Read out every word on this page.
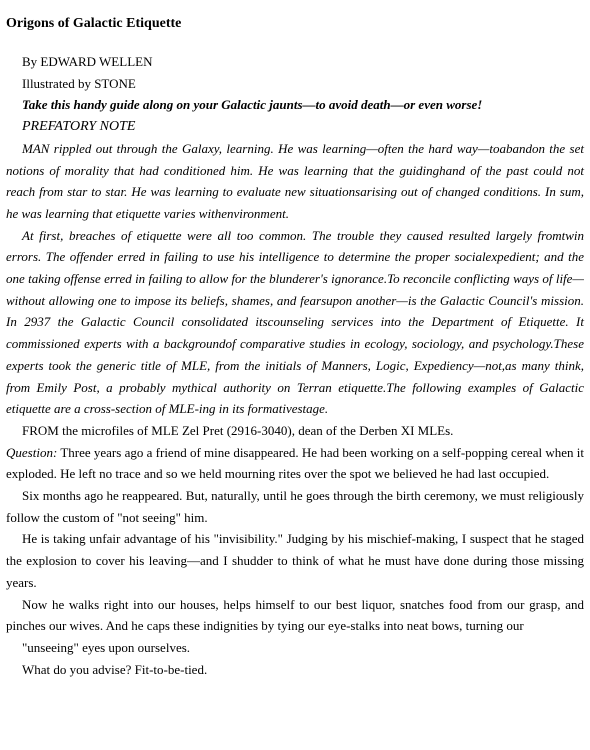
Origons of Galactic Etiquette

By EDWARD WELLEN

Illustrated by STONE

Take this handy guide along on your Galactic jaunts—to avoid death—or even worse!

PREFATORY NOTE

MAN rippled out through the Galaxy, learning. He was learning—often the hard way—toabandon the set notions of morality that had conditioned him. He was learning that the guidinghand of the past could not reach from star to star. He was learning to evaluate new situationsarising out of changed conditions. In sum, he was learning that etiquette varies withenvironment.

At first, breaches of etiquette were all too common. The trouble they caused resulted largely fromtwin errors. The offender erred in failing to use his intelligence to determine the proper socialexpedient; and the one taking offense erred in failing to allow for the blunderer's ignorance.To reconcile conflicting ways of life—without allowing one to impose its beliefs, shames, and fearsupon another—is the Galactic Council's mission. In 2937 the Galactic Council consolidated itscounseling services into the Department of Etiquette. It commissioned experts with a backgroundof comparative studies in ecology, sociology, and psychology.These experts took the generic title of MLE, from the initials of Manners, Logic, Expediency—not,as many think, from Emily Post, a probably mythical authority on Terran etiquette.The following examples of Galactic etiquette are a cross-section of MLE-ing in its formativestage.

FROM the microfiles of MLE Zel Pret (2916-3040), dean of the Derben XI MLEs.

Question: Three years ago a friend of mine disappeared. He had been working on a self-popping cereal when it exploded. He left no trace and so we held mourning rites over the spot we believed he had last occupied.

Six months ago he reappeared. But, naturally, until he goes through the birth ceremony, we must religiously follow the custom of "not seeing" him.

He is taking unfair advantage of his "invisibility." Judging by his mischief-making, I suspect that he staged the explosion to cover his leaving—and I shudder to think of what he must have done during those missing years.

Now he walks right into our houses, helps himself to our best liquor, snatches food from our grasp, and pinches our wives. And he caps these indignities by tying our eye-stalks into neat bows, turning our

"unseeing" eyes upon ourselves.

What do you advise? Fit-to-be-tied.
